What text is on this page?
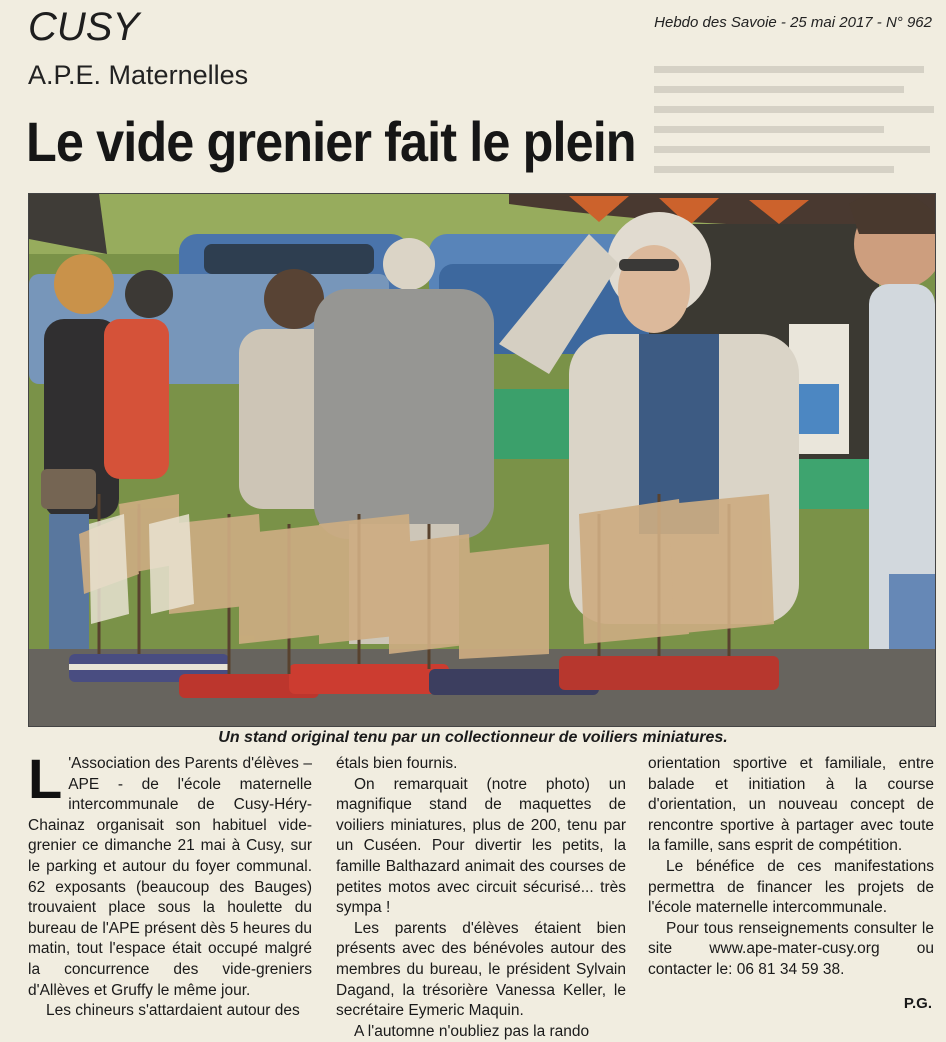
CUSY	Hebdo des Savoie - 25 mai 2017 - N° 962
A.P.E. Maternelles
Le vide grenier fait le plein
Un stand original tenu par un collectionneur de voiliers miniatures.

L 'Association des Parents d'élèves –APE - de l'école maternelle intercommunale de Cusy-Héry-Chainaz organisait son habituel vide-grenier ce dimanche 21 mai à Cusy, sur le parking et autour du foyer communal. 62 exposants (beaucoup des Bauges) trouvaient place sous la houlette du bureau de l'APE présent dès 5 heures du matin, tout l'espace était occupé malgré la concurrence des vide-greniers d'Allèves et Gruffy le même jour.

Les chineurs s'attardaient autour des

étals bien fournis.

On remarquait (notre photo) un magnifique stand de maquettes de voiliers miniatures, plus de 200, tenu par un Cuséen. Pour divertir les petits, la famille Balthazard animait des courses de petites motos avec circuit sécurisé... très sympa !

Les parents d'élèves étaient bien présents avec des bénévoles autour des membres du bureau, le président Sylvain Dagand, la trésorière Vanessa Keller, le secrétaire Eymeric Maquin.

A l'automne n'oubliez pas la rando

orientation sportive et familiale, entre balade et initiation à la course d'orientation, un nouveau concept de rencontre sportive à partager avec toute la famille, sans esprit de compétition.

Le bénéfice de ces manifestations permettra de financer les projets de l'école maternelle intercommunale.

Pour tous renseignements consulter le site www.ape-mater-cusy.org ou contacter le: 06 81 34 59 38.

P.G.
